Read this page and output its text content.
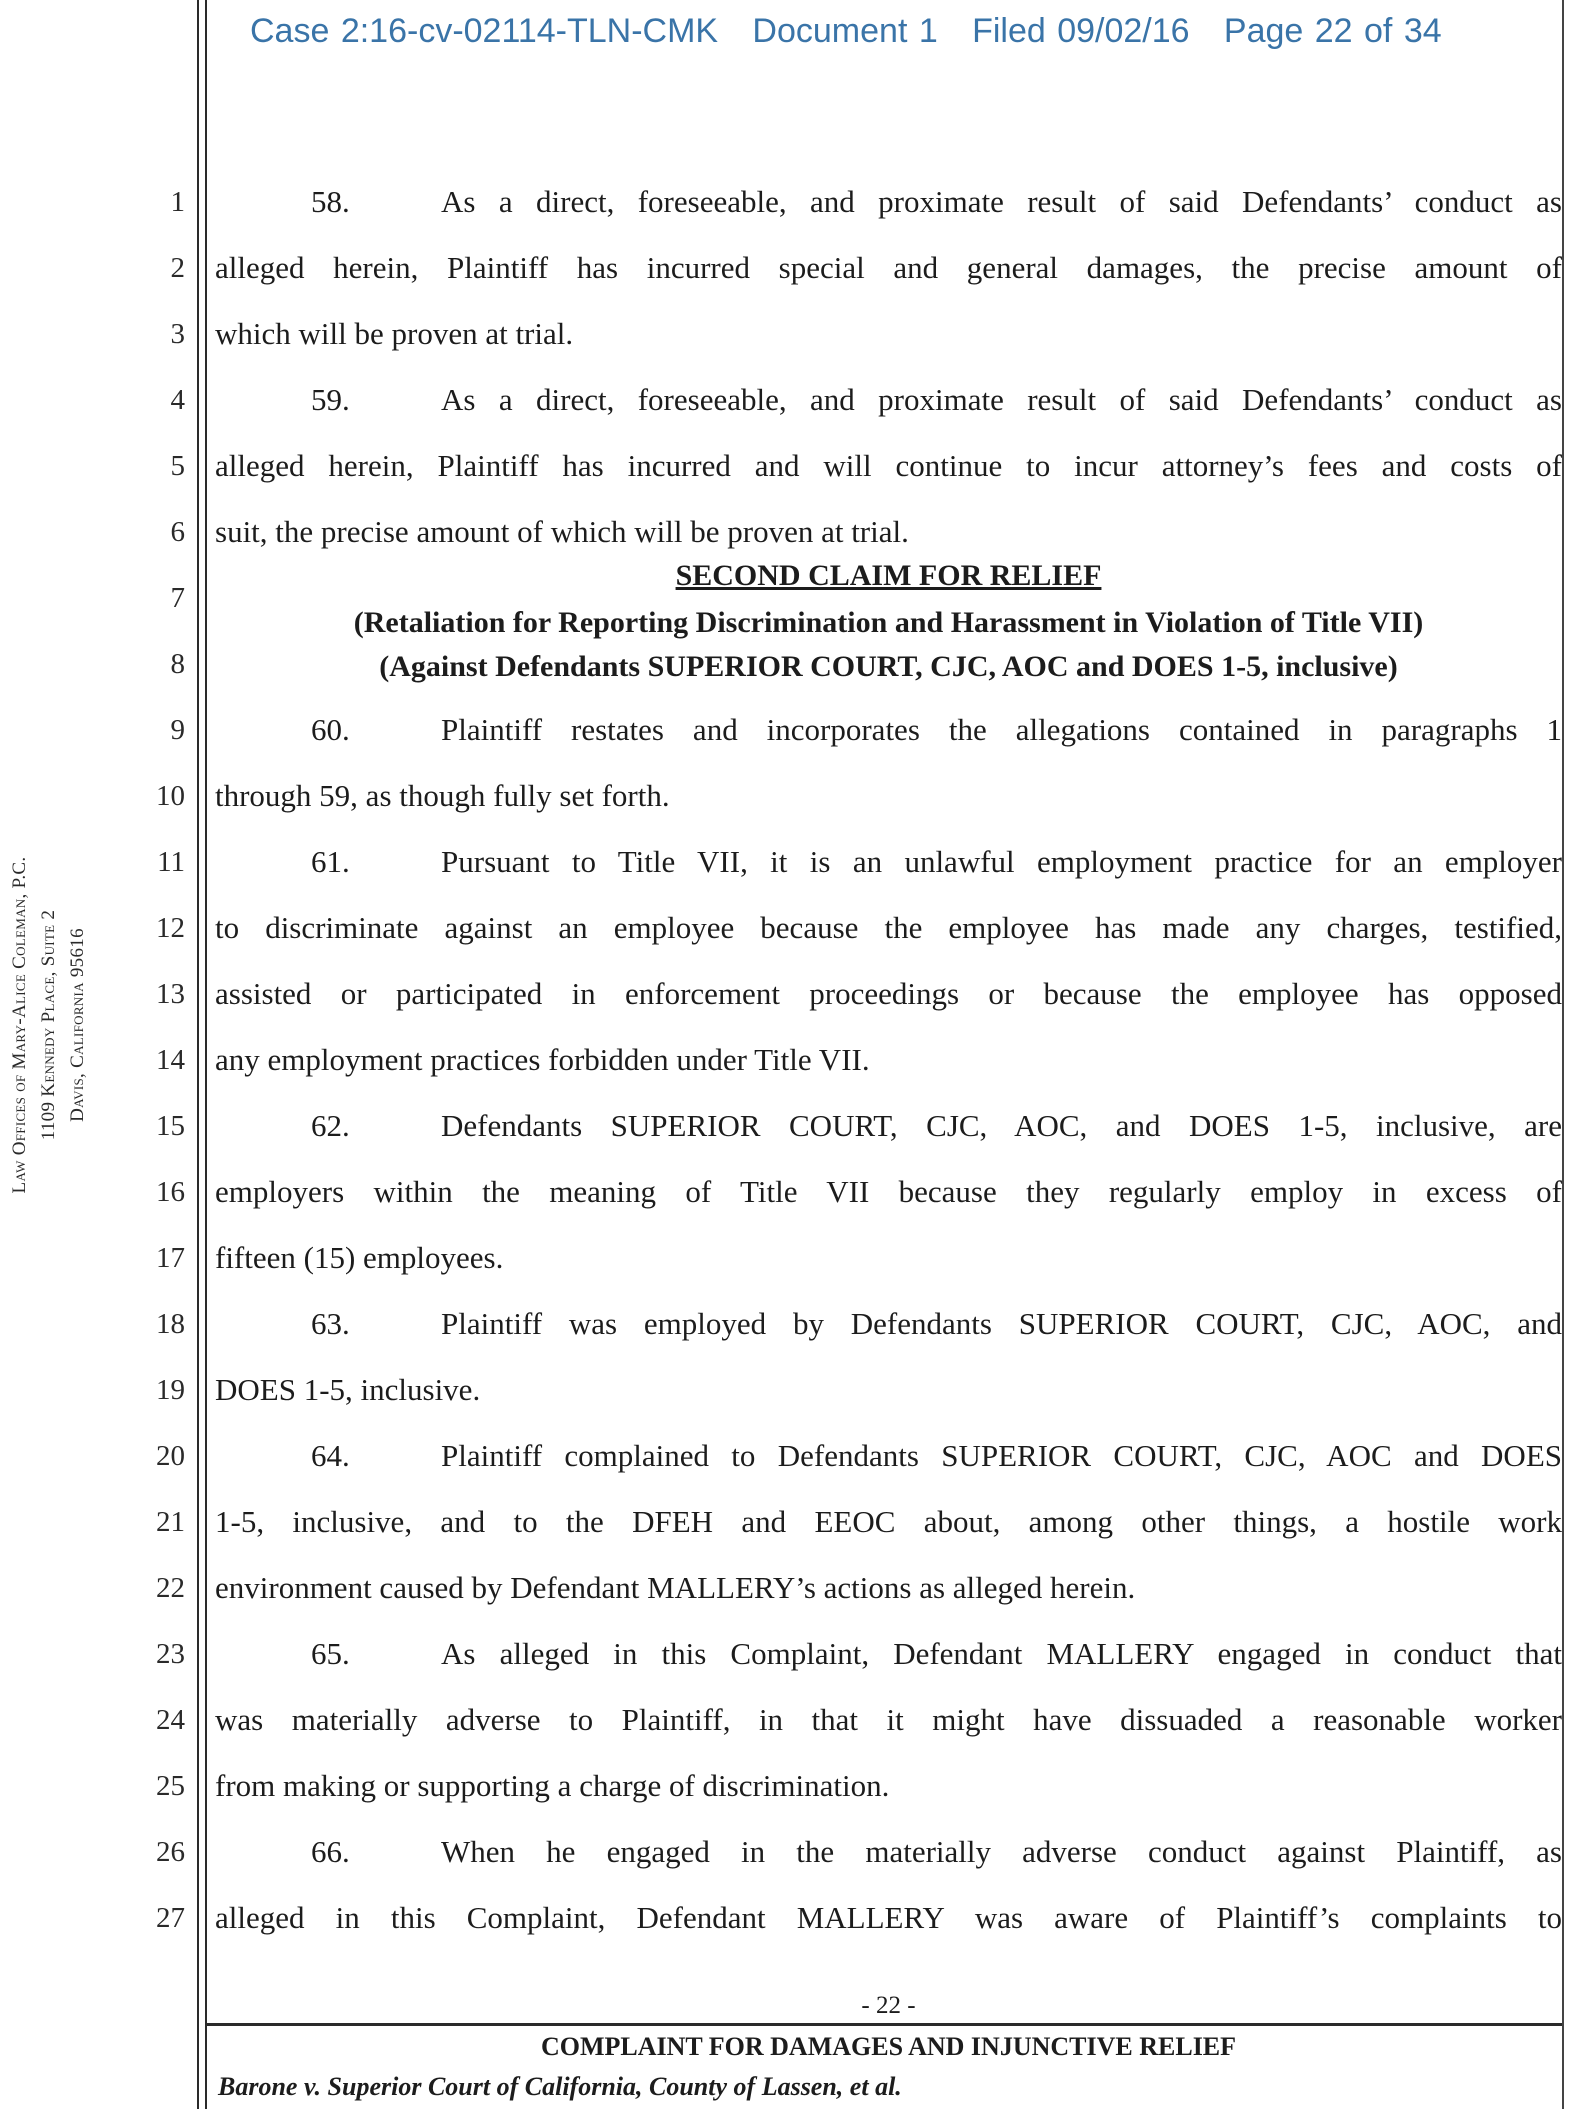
Case 2:16-cv-02114-TLN-CMK   Document 1   Filed 09/02/16   Page 22 of 34
Law Offices of Mary-Alice Coleman, P.C. 1109 Kennedy Place, Suite 2 Davis, California 95616
1
2
3
4
5
6
7
8
9
10
11
12
13
14
15
16
17
18
19
20
21
22
23
24
25
26
27
58.	As a direct, foreseeable, and proximate result of said Defendants’ conduct as
alleged herein, Plaintiff has incurred special and general damages, the precise amount of
which will be proven at trial.
59.	As a direct, foreseeable, and proximate result of said Defendants’ conduct as
alleged herein, Plaintiff has incurred and will continue to incur attorney’s fees and costs of
suit, the precise amount of which will be proven at trial.
SECOND CLAIM FOR RELIEF
(Retaliation for Reporting Discrimination and Harassment in Violation of Title VII)
(Against Defendants SUPERIOR COURT, CJC, AOC and DOES 1-5, inclusive)
60.	Plaintiff restates and incorporates the allegations contained in paragraphs 1
through 59, as though fully set forth.
61.	Pursuant to Title VII, it is an unlawful employment practice for an employer
to discriminate against an employee because the employee has made any charges, testified,
assisted or participated in enforcement proceedings or because the employee has opposed
any employment practices forbidden under Title VII.
62.	Defendants SUPERIOR COURT, CJC, AOC, and DOES 1-5, inclusive, are
employers within the meaning of Title VII because they regularly employ in excess of
fifteen (15) employees.
63.	Plaintiff was employed by Defendants SUPERIOR COURT, CJC, AOC, and
DOES 1-5, inclusive.
64.	Plaintiff complained to Defendants SUPERIOR COURT, CJC, AOC and DOES
1-5, inclusive, and to the DFEH and EEOC about, among other things, a hostile work
environment caused by Defendant MALLERY’s actions as alleged herein.
65.	As alleged in this Complaint, Defendant MALLERY engaged in conduct that
was materially adverse to Plaintiff, in that it might have dissuaded a reasonable worker
from making or supporting a charge of discrimination.
66.	When he engaged in the materially adverse conduct against Plaintiff, as
alleged in this Complaint, Defendant MALLERY was aware of Plaintiff’s complaints to
- 22 -
COMPLAINT FOR DAMAGES AND INJUNCTIVE RELIEF
Barone v. Superior Court of California, County of Lassen, et al.
